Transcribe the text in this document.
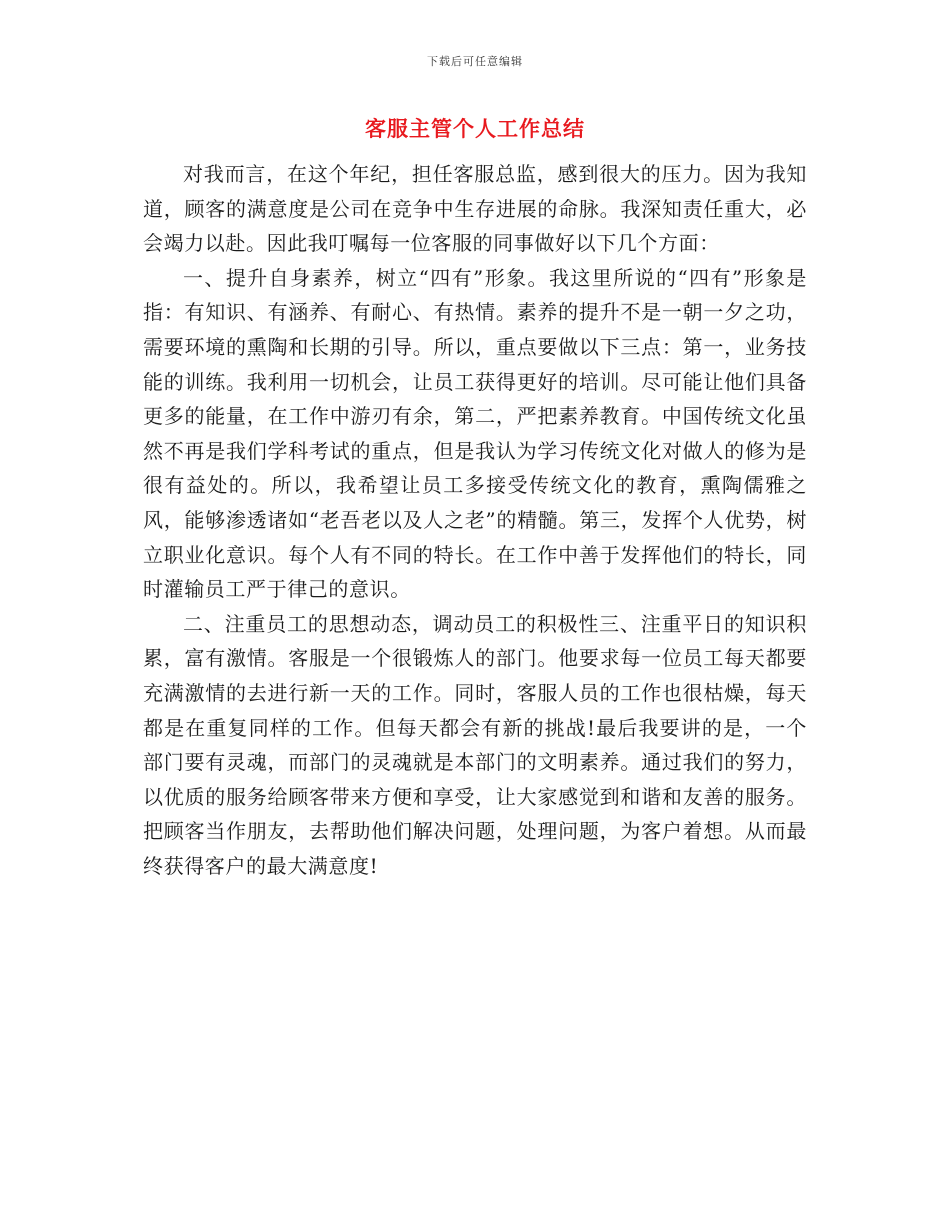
下载后可任意编辑
客服主管个人工作总结

对我而言，在这个年纪，担任客服总监，感到很大的压力。因为我知道，顾客的满意度是公司在竞争中生存进展的命脉。我深知责任重大，必会竭力以赴。因此我叮嘱每一位客服的同事做好以下几个方面：

一、提升自身素养，树立“四有”形象。我这里所说的“四有”形象是指：有知识、有涵养、有耐心、有热情。素养的提升不是一朝一夕之功，需要环境的熏陶和长期的引导。所以，重点要做以下三点：第一，业务技能的训练。我利用一切机会，让员工获得更好的培训。尽可能让他们具备更多的能量，在工作中游刃有余，第二，严把素养教育。中国传统文化虽然不再是我们学科考试的重点，但是我认为学习传统文化对做人的修为是很有益处的。所以，我希望让员工多接受传统文化的教育，熏陶儒雅之风，能够渗透诸如“老吾老以及人之老”的精髓。第三，发挥个人优势，树立职业化意识。每个人有不同的特长。在工作中善于发挥他们的特长，同时灌输员工严于律己的意识。

二、注重员工的思想动态，调动员工的积极性三、注重平日的知识积累，富有激情。客服是一个很锻炼人的部门。他要求每一位员工每天都要充满激情的去进行新一天的工作。同时，客服人员的工作也很枯燥，每天都是在重复同样的工作。但每天都会有新的挑战!最后我要讲的是，一个部门要有灵魂，而部门的灵魂就是本部门的文明素养。通过我们的努力，以优质的服务给顾客带来方便和享受，让大家感觉到和谐和友善的服务。把顾客当作朋友，去帮助他们解决问题，处理问题，为客户着想。从而最终获得客户的最大满意度!
